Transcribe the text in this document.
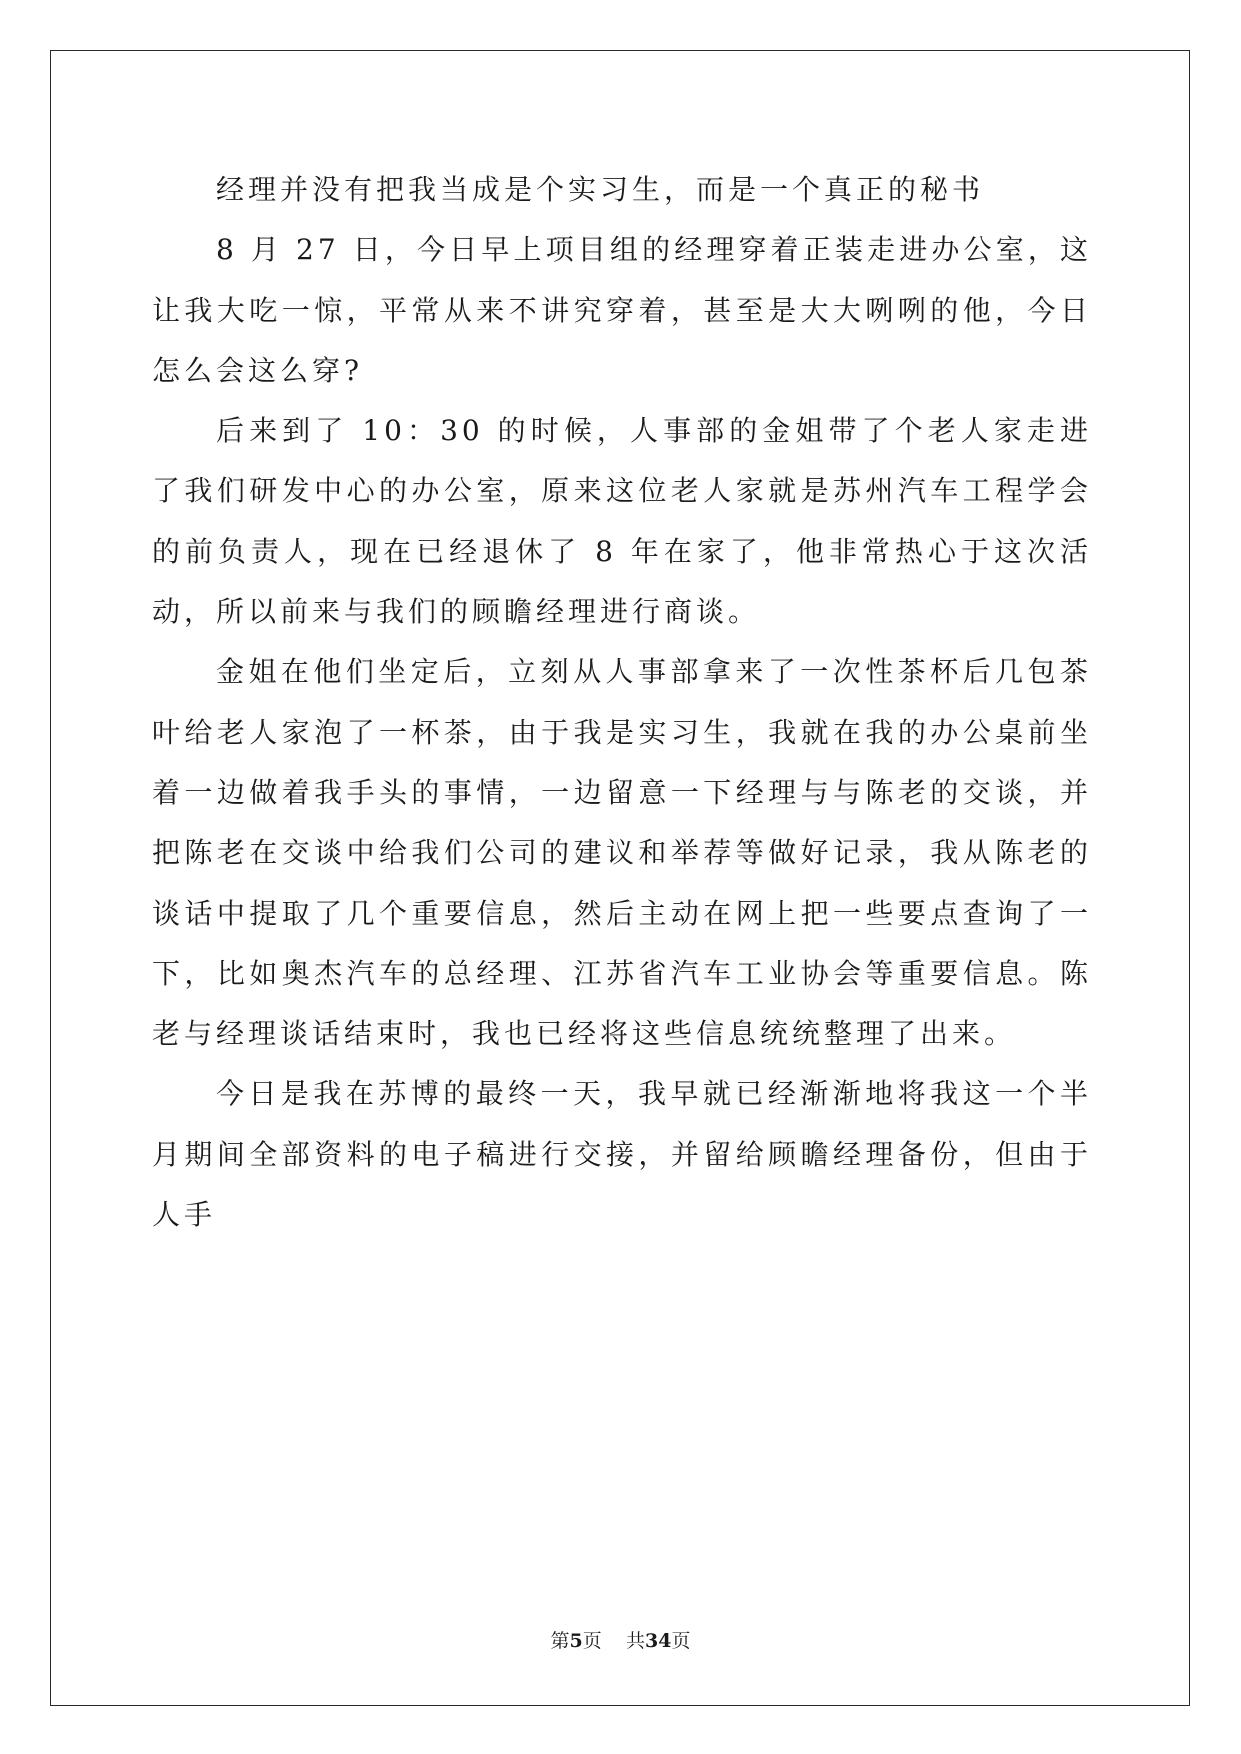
经理并没有把我当成是个实习生，而是一个真正的秘书

8 月 27 日，今日早上项目组的经理穿着正装走进办公室，这让我大吃一惊，平常从来不讲究穿着，甚至是大大咧咧的他，今日怎么会这么穿?

后来到了 10：30 的时候，人事部的金姐带了个老人家走进了我们研发中心的办公室，原来这位老人家就是苏州汽车工程学会的前负责人，现在已经退休了 8 年在家了，他非常热心于这次活动，所以前来与我们的顾瞻经理进行商谈。

金姐在他们坐定后，立刻从人事部拿来了一次性茶杯后几包茶叶给老人家泡了一杯茶，由于我是实习生，我就在我的办公桌前坐着一边做着我手头的事情，一边留意一下经理与与陈老的交谈，并把陈老在交谈中给我们公司的建议和举荐等做好记录，我从陈老的谈话中提取了几个重要信息，然后主动在网上把一些要点查询了一下，比如奥杰汽车的总经理、江苏省汽车工业协会等重要信息。陈老与经理谈话结束时，我也已经将这些信息统统整理了出来。

今日是我在苏博的最终一天，我早就已经渐渐地将我这一个半月期间全部资料的电子稿进行交接，并留给顾瞻经理备份，但由于人手

第5页 共34页
